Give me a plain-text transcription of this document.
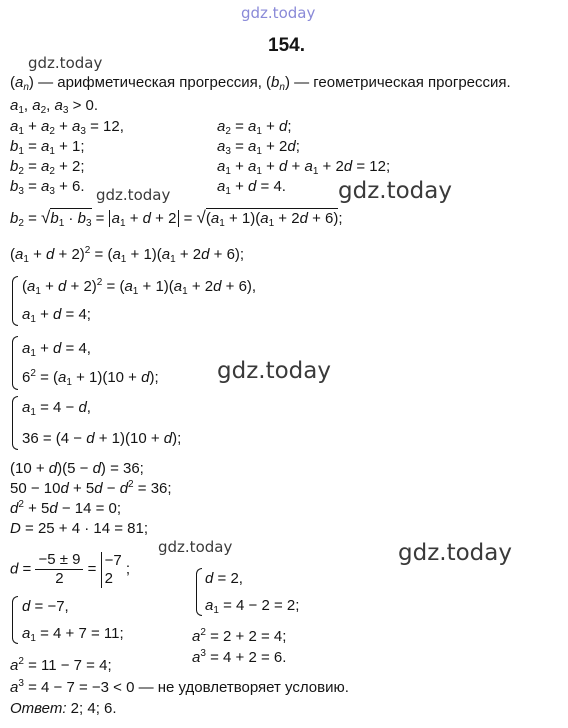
gdz.today
154.
gdz.today
$(a_n)$ — арифметическая прогрессия, $(b_n)$ — геометрическая прогрессия.
$a_1$, $a_2$, $a_3 > 0$.
$a_1 + a_2 + a_3 = 12$,
$b_1 = a_1 + 1$;
$b_2 = a_2 + 2$;
$b_3 = a_3 + 6$.
$a_2 = a_1 + d$;
$a_3 = a_1 + 2d$;
$a_1 + a_1 + d + a_1 + 2d = 12$;
$a_1 + d = 4$.
gdz.today	gdz.today
$b_2 = √b_1 \cdot b_3 = a_1 + d + 2 = √(a_1 + 1)(a_1 + 2d + 6)$;
$(a_1 + d + 2)^2 = (a_1 + 1)(a_1 + 2d + 6)$;
$(a_1 + d + 2)^2 = (a_1 + 1)(a_1 + 2d + 6)$,
$a_1 + d = 4$;
$a_1 + d = 4$,
$6^2 = (a_1 + 1)(10 + d)$;	gdz.today
$a_1 = 4 - d$,
36 = (4 − d + 1)(10 + d);
(10 + d)(5 − d) = 36;
$50 - 10d + 5d - d^2 = 36$;
$d^2 + 5d - 14 = 0$;
D = 25 + 4 · 14 = 81;
gdz.today	gdz.today
$d = \frac{-5 \pm 9}{2} = -7$
2 ;
d = 2,
$a_1 = 4 - 2 = 2$;
d = −7,
$a_1 = 4 + 7 = 11$;	$a^2 = 2 + 2 = 4$;
$a^3 = 4 + 2 = 6$.
$a^2 = 11 - 7 = 4$;
$a^3 = 4 - 7 = -3 < 0$ — не удовлетворяет условию.
Ответ: 2; 4; 6.
